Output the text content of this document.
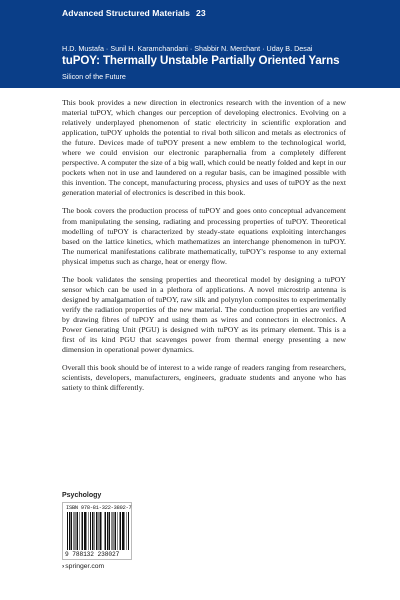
Advanced Structured Materials 23
H.D. Mustafa · Sunil H. Karamchandani · Shabbir N. Merchant · Uday B. Desai
tuPOY: Thermally Unstable Partially Oriented Yarns
Silicon of the Future

This book provides a new direction in electronics research with the invention of a new material tuPOY, which changes our perception of developing electronics. Evolving on a relatively underplayed phenomenon of static electricity in scientific exploration and application, tuPOY upholds the potential to rival both silicon and metals as electronics of the future. Devices made of tuPOY present a new emblem to the technological world, where we could envision our electronic paraphernalia from a completely different perspective. A computer the size of a big wall, which could be neatly folded and kept in our pockets when not in use and laundered on a regular basis, can be imagined possible with this invention. The concept, manufacturing process, physics and uses of tuPOY as the next generation material of electronics is described in this book.

The book covers the production process of tuPOY and goes onto conceptual advancement from manipulating the sensing, radiating and processing properties of tuPOY. Theoretical modelling of tuPOY is characterized by steady-state equations exploiting interchanges based on the lattice kinetics, which mathematizes an interchange phenomenon in tuPOY. The numerical manifestations calibrate mathematically, tuPOY's response to any external physical impetus such as charge, heat or energy flow.

The book validates the sensing properties and theoretical model by designing a tuPOY sensor which can be used in a plethora of applications. A novel microstrip antenna is designed by amalgamation of tuPOY, raw silk and polynylon composites to experimentally verify the radiation properties of the new material. The conduction properties are verified by drawing fibres of tuPOY and using them as wires and connectors in electronics. A Power Generating Unit (PGU) is designed with tuPOY as its primary element. This is a first of its kind PGU that scavenges power from thermal energy presenting a new dimension in operational power dynamics.

Overall this book should be of interest to a wide range of readers ranging from researchers, scientists, developers, manufacturers, engineers, graduate students and anyone who has satiety to think differently.

Psychology
ISBN 978-81-322-3802-7
9 788132 238027
›springer.com
